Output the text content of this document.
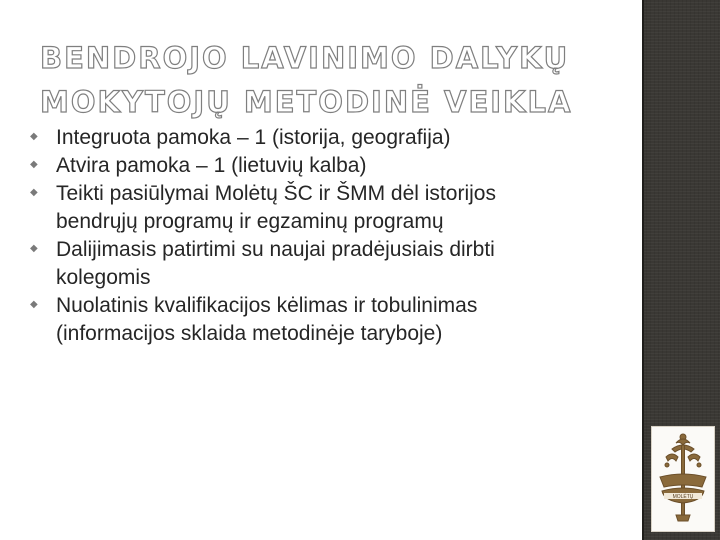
BENDROJO LAVINIMO DALYKŲ
MOKYTOJŲ METODINĖ VEIKLA
◆ Integruota pamoka – 1 (istorija, geografija)
◆ Atvira pamoka – 1 (lietuvių kalba)
◆ Teikti pasiūlymai Molėtų ŠC ir ŠMM dėl istorijos
bendrųjų programų ir egzaminų programų
◆ Dalijimasis patirtimi su naujai pradėjusiais dirbti
kolegomis
◆ Nuolatinis kvalifikacijos kėlimas ir tobulinimas
(informacijos sklaida metodinėje taryboje)
MOLĖTŲ
